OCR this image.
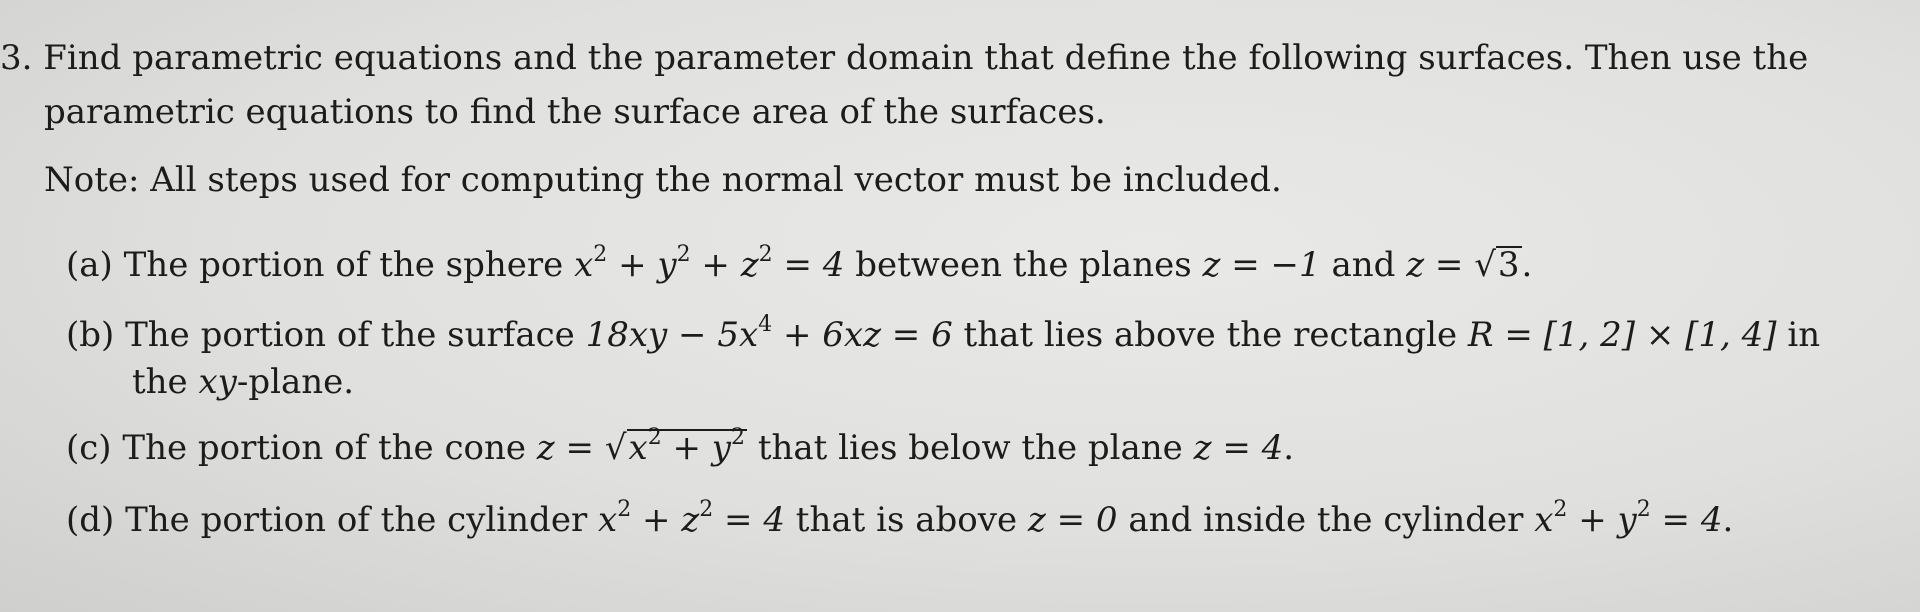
3. Find parametric equations and the parameter domain that define the following surfaces. Then use the
parametric equations to find the surface area of the surfaces.
Note: All steps used for computing the normal vector must be included.
(a) The portion of the sphere $x^2 + y^2 + z^2 = 4$ between the planes z = −1 and z = √3.
(b) The portion of the surface $18xy - 5x^4 + 6xz = 6$ that lies above the rectangle R = [1, 2] × [1, 4] in
the xy-plane.
(c) The portion of the cone $z = √x^2 + y^2$ that lies below the plane z = 4.
(d) The portion of the cylinder $x^2 + z^2 = 4$ that is above z = 0 and inside the cylinder $x^2 + y^2 = 4$.
